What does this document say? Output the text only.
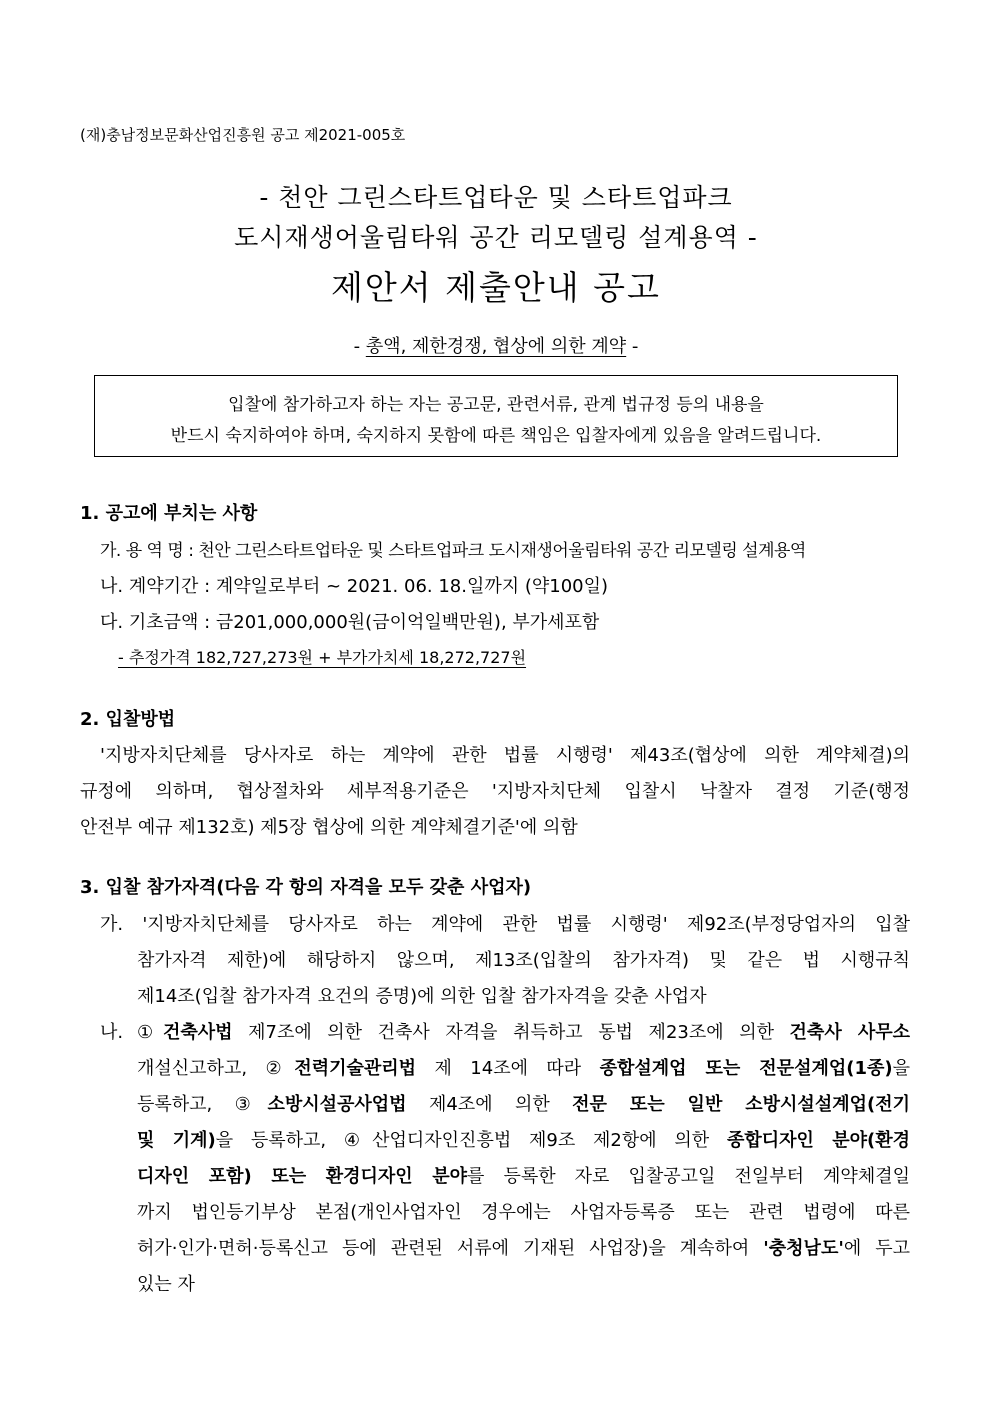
(재)충남정보문화산업진흥원 공고 제2021-005호
- 천안 그린스타트업타운 및 스타트업파크
도시재생어울림타워 공간 리모델링 설계용역 -
제안서 제출안내 공고
- 총액, 제한경쟁, 협상에 의한 계약 -
입찰에 참가하고자 하는 자는 공고문, 관련서류, 관계 법규정 등의 내용을
반드시 숙지하여야 하며, 숙지하지 못함에 따른 책임은 입찰자에게 있음을 알려드립니다.
1. 공고에 부치는 사항
가. 용 역 명 : 천안 그린스타트업타운 및 스타트업파크 도시재생어울림타워 공간 리모델링 설계용역
나. 계약기간 : 계약일로부터 ~ 2021. 06. 18.일까지 (약100일)
다. 기초금액 : 금201,000,000원(금이억일백만원), 부가세포함
- 추정가격 182,727,273원 + 부가가치세 18,272,727원
2. 입찰방법
'지방자치단체를 당사자로 하는 계약에 관한 법률 시행령' 제43조(협상에 의한 계약체결)의
규정에 의하며, 협상절차와 세부적용기준은 '지방자치단체 입찰시 낙찰자 결정 기준(행정
안전부 예규 제132호) 제5장 협상에 의한 계약체결기준'에 의함
3. 입찰 참가자격(다음 각 항의 자격을 모두 갖춘 사업자)
가. '지방자치단체를 당사자로 하는 계약에 관한 법률 시행령' 제92조(부정당업자의 입찰
참가자격 제한)에 해당하지 않으며, 제13조(입찰의 참가자격) 및 같은 법 시행규칙
제14조(입찰 참가자격 요건의 증명)에 의한 입찰 참가자격을 갖춘 사업자
나. ①건축사법 제7조에 의한 건축사 자격을 취득하고 동법 제23조에 의한 건축사 사무소
개설신고하고, ②전력기술관리법 제 14조에 따라 종합설계업 또는 전문설계업(1종)을
등록하고, ③소방시설공사업법 제4조에 의한 전문 또는 일반 소방시설설계업(전기
및 기계)을 등록하고, ④산업디자인진흥법 제9조 제2항에 의한 종합디자인 분야(환경
디자인 포함) 또는 환경디자인 분야를 등록한 자로 입찰공고일 전일부터 계약체결일
까지 법인등기부상 본점(개인사업자인 경우에는 사업자등록증 또는 관련 법령에 따른
허가·인가·면허·등록신고 등에 관련된 서류에 기재된 사업장)을 계속하여 '충청남도'에 두고
있는 자
